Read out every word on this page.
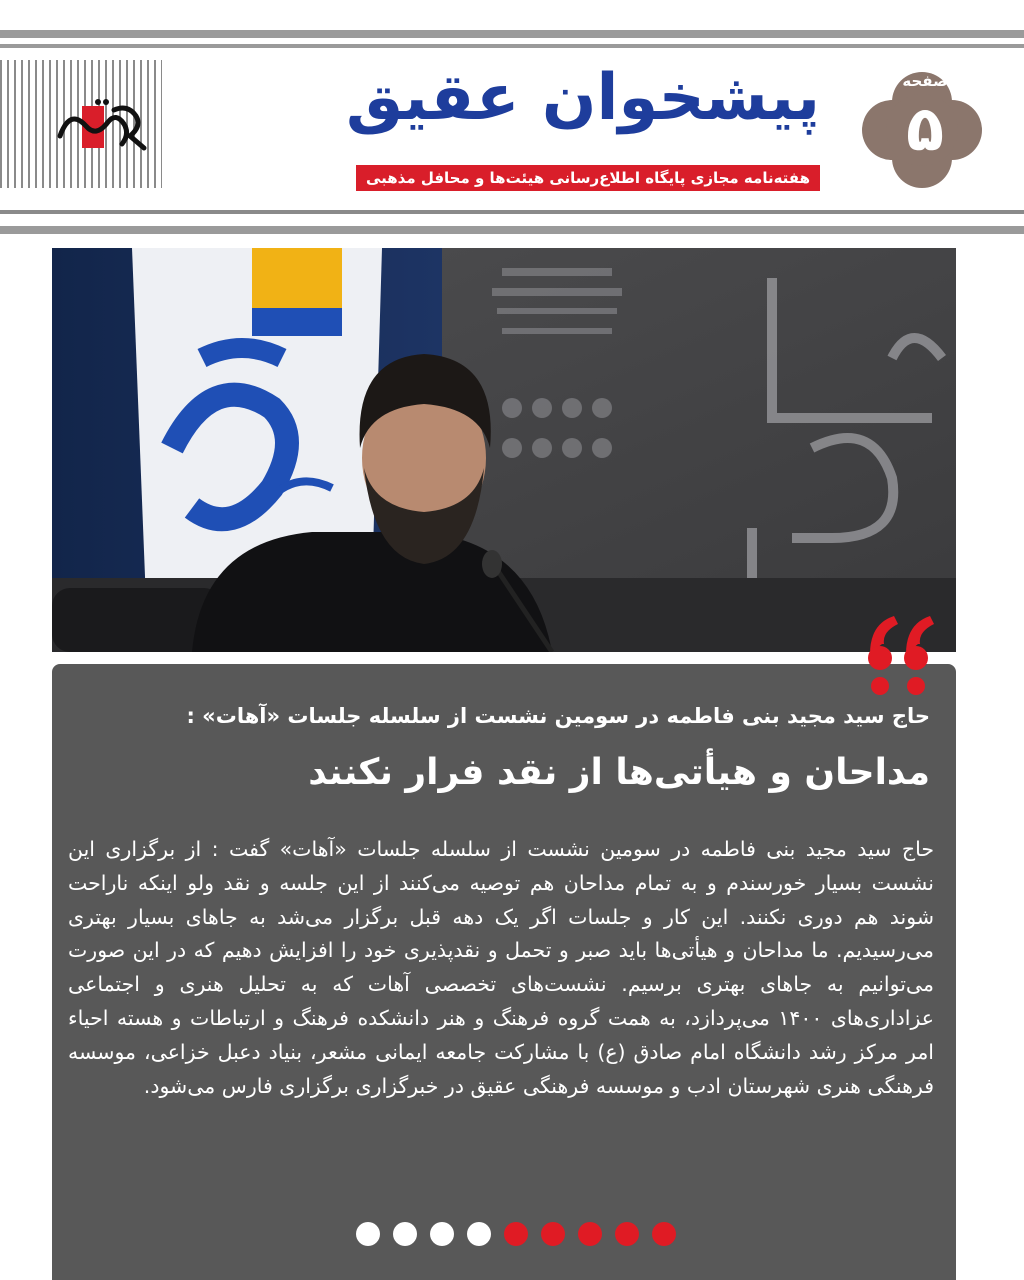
پیشخوان عقیق
هفته‌نامه مجازی پایگاه اطلاع‌رسانی هیئت‌ها و محافل مذهبی
صفحه
۵
حاج سید مجید بنی فاطمه در سومین نشست از سلسله جلسات «آهات» :
مداحان و هیأتی‌ها از نقد فرار نکنند
حاج سید مجید بنی فاطمه در سومین نشست از سلسله جلسات «آهات» گفت : از برگزاری این نشست بسیار خورسندم و به تمام مداحان هم توصیه می‌کنند از این جلسه و نقد ولو اینکه ناراحت شوند هم دوری نکنند. این کار و جلسات اگر یک دهه قبل برگزار می‌شد به جاهای بسیار بهتری می‌رسیدیم. ما مداحان و هیأتی‌ها باید صبر و تحمل و نقدپذیری خود را افزایش دهیم که در این صورت می‌توانیم به جاهای بهتری برسیم. نشست‌های تخصصی آهات که به تحلیل هنری و اجتماعی عزاداری‌های ۱۴۰۰ می‌پردازد، به همت گروه فرهنگ و هنر دانشکده فرهنگ و ارتباطات و هسته احیاء امر مرکز رشد دانشگاه امام صادق (ع) با مشارکت جامعه ایمانی مشعر، بنیاد دعبل خزاعی، موسسه فرهنگی هنری شهرستان ادب و موسسه فرهنگی عقیق در خبرگزاری برگزاری فارس می‌شود.
